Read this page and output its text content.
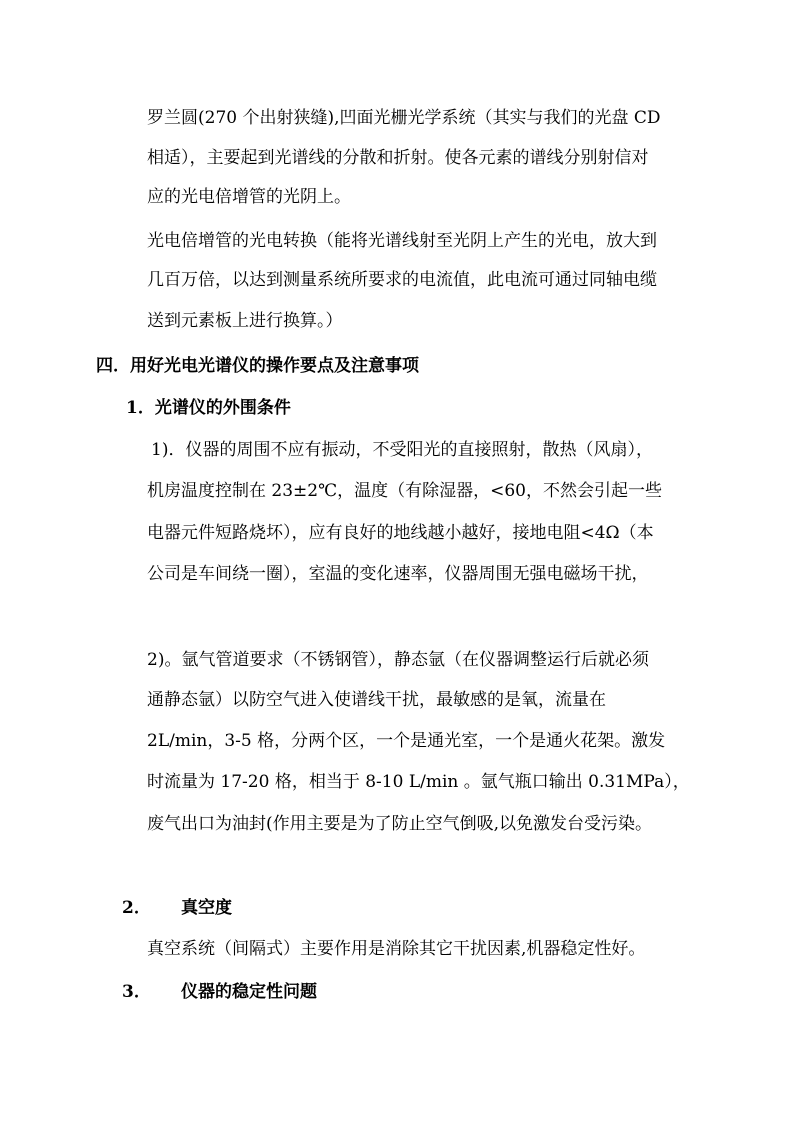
罗兰圆(270 个出射狭缝),凹面光栅光学系统（其实与我们的光盘 CD
相适），主要起到光谱线的分散和折射。使各元素的谱线分别射信对
应的光电倍增管的光阴上。
光电倍增管的光电转换（能将光谱线射至光阴上产生的光电，放大到
几百万倍，以达到测量系统所要求的电流值，此电流可通过同轴电缆
送到元素板上进行换算。）
四．用好光电光谱仪的操作要点及注意事项
1．光谱仪的外围条件
1)．仪器的周围不应有振动，不受阳光的直接照射，散热（风扇），
机房温度控制在 23±2℃，温度（有除湿器，<60，不然会引起一些
电器元件短路烧坏），应有良好的地线越小越好，接地电阻<4Ω（本
公司是车间绕一圈），室温的变化速率，仪器周围无强电磁场干扰，
2)。氩气管道要求（不锈钢管），静态氩（在仪器调整运行后就必须
通静态氩）以防空气进入使谱线干扰，最敏感的是氧，流量在
2L/min，3-5 格，分两个区，一个是通光室，一个是通火花架。激发
时流量为 17-20 格，相当于 8-10 L/min 。氩气瓶口输出 0.31MPa），
废气出口为油封(作用主要是为了防止空气倒吸,以免激发台受污染。
2． 真空度
真空系统（间隔式）主要作用是消除其它干扰因素,机器稳定性好。
3． 仪器的稳定性问题
